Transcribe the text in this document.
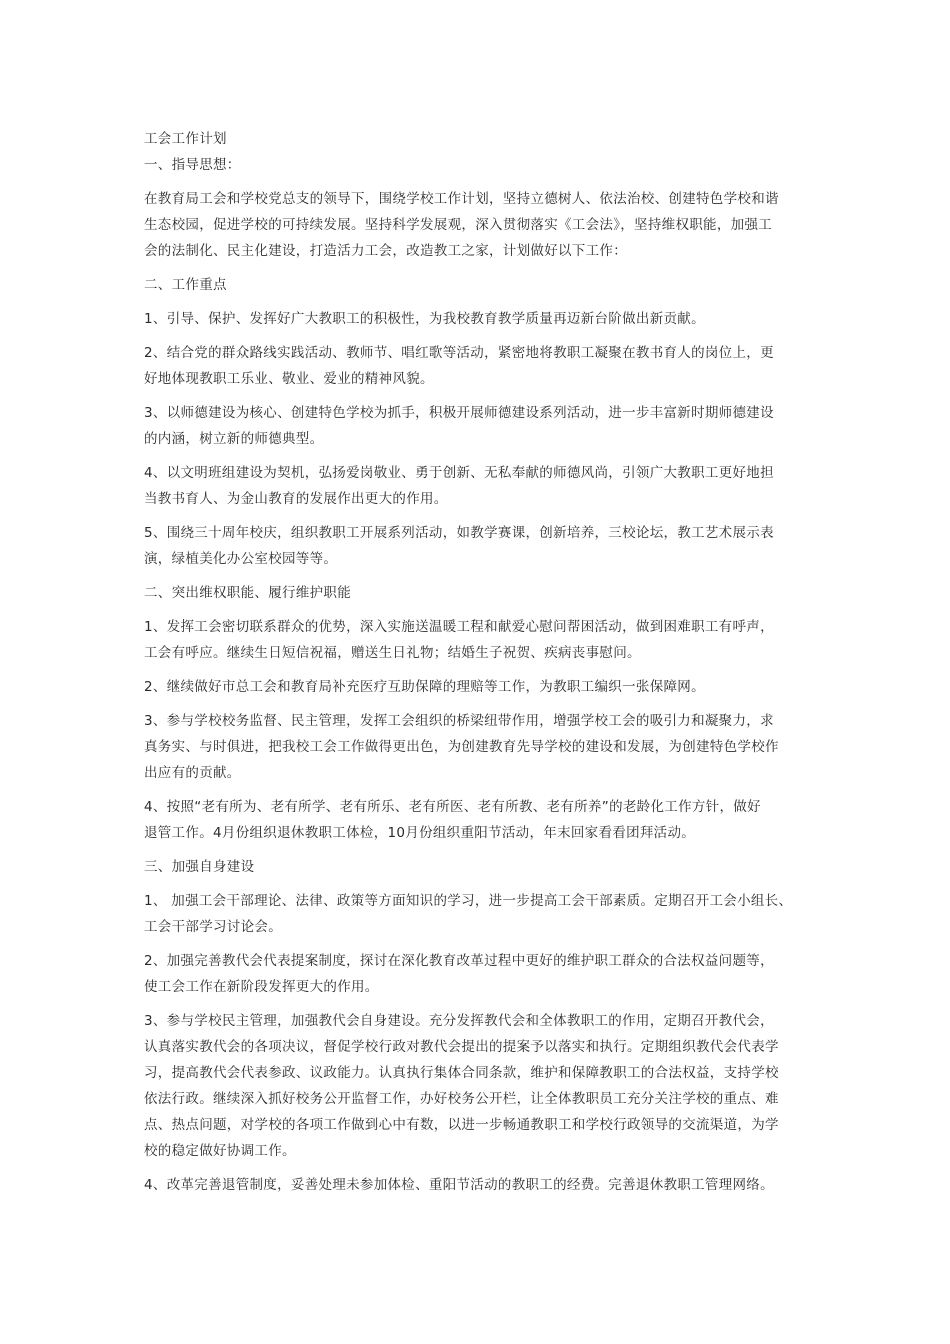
工会工作计划
一、指导思想：
在教育局工会和学校党总支的领导下，围绕学校工作计划，坚持立德树人、依法治校、创建特色学校和谐
生态校园，促进学校的可持续发展。坚持科学发展观，深入贯彻落实《工会法》，坚持维权职能，加强工
会的法制化、民主化建设，打造活力工会，改造教工之家，计划做好以下工作：
二、工作重点
1、引导、保护、发挥好广大教职工的积极性，为我校教育教学质量再迈新台阶做出新贡献。
2、结合党的群众路线实践活动、教师节、唱红歌等活动，紧密地将教职工凝聚在教书育人的岗位上，更
好地体现教职工乐业、敬业、爱业的精神风貌。
3、以师德建设为核心、创建特色学校为抓手，积极开展师德建设系列活动，进一步丰富新时期师德建设
的内涵，树立新的师德典型。
4、以文明班组建设为契机，弘扬爱岗敬业、勇于创新、无私奉献的师德风尚，引领广大教职工更好地担
当教书育人、为金山教育的发展作出更大的作用。
5、围绕三十周年校庆，组织教职工开展系列活动，如教学赛课，创新培养，三校论坛，教工艺术展示表
演，绿植美化办公室校园等等。
二、突出维权职能、履行维护职能
1、发挥工会密切联系群众的优势，深入实施送温暖工程和献爱心慰问帮困活动，做到困难职工有呼声，
工会有呼应。继续生日短信祝福，赠送生日礼物；结婚生子祝贺、疾病丧事慰问。
2、继续做好市总工会和教育局补充医疗互助保障的理赔等工作，为教职工编织一张保障网。
3、参与学校校务监督、民主管理，发挥工会组织的桥梁纽带作用，增强学校工会的吸引力和凝聚力，求
真务实、与时俱进，把我校工会工作做得更出色，为创建教育先导学校的建设和发展，为创建特色学校作
出应有的贡献。
4、按照“老有所为、老有所学、老有所乐、老有所医、老有所教、老有所养”的老龄化工作方针，做好
退管工作。4月份组织退休教职工体检，10月份组织重阳节活动，年末回家看看团拜活动。
三、加强自身建设
1、 加强工会干部理论、法律、政策等方面知识的学习，进一步提高工会干部素质。定期召开工会小组长、
工会干部学习讨论会。
2、加强完善教代会代表提案制度，探讨在深化教育改革过程中更好的维护职工群众的合法权益问题等，
使工会工作在新阶段发挥更大的作用。
3、参与学校民主管理，加强教代会自身建设。充分发挥教代会和全体教职工的作用，定期召开教代会，
认真落实教代会的各项决议，督促学校行政对教代会提出的提案予以落实和执行。定期组织教代会代表学
习，提高教代会代表参政、议政能力。认真执行集体合同条款，维护和保障教职工的合法权益，支持学校
依法行政。继续深入抓好校务公开监督工作，办好校务公开栏，让全体教职员工充分关注学校的重点、难
点、热点问题，对学校的各项工作做到心中有数，以进一步畅通教职工和学校行政领导的交流渠道，为学
校的稳定做好协调工作。
4、改革完善退管制度，妥善处理未参加体检、重阳节活动的教职工的经费。完善退休教职工管理网络。
